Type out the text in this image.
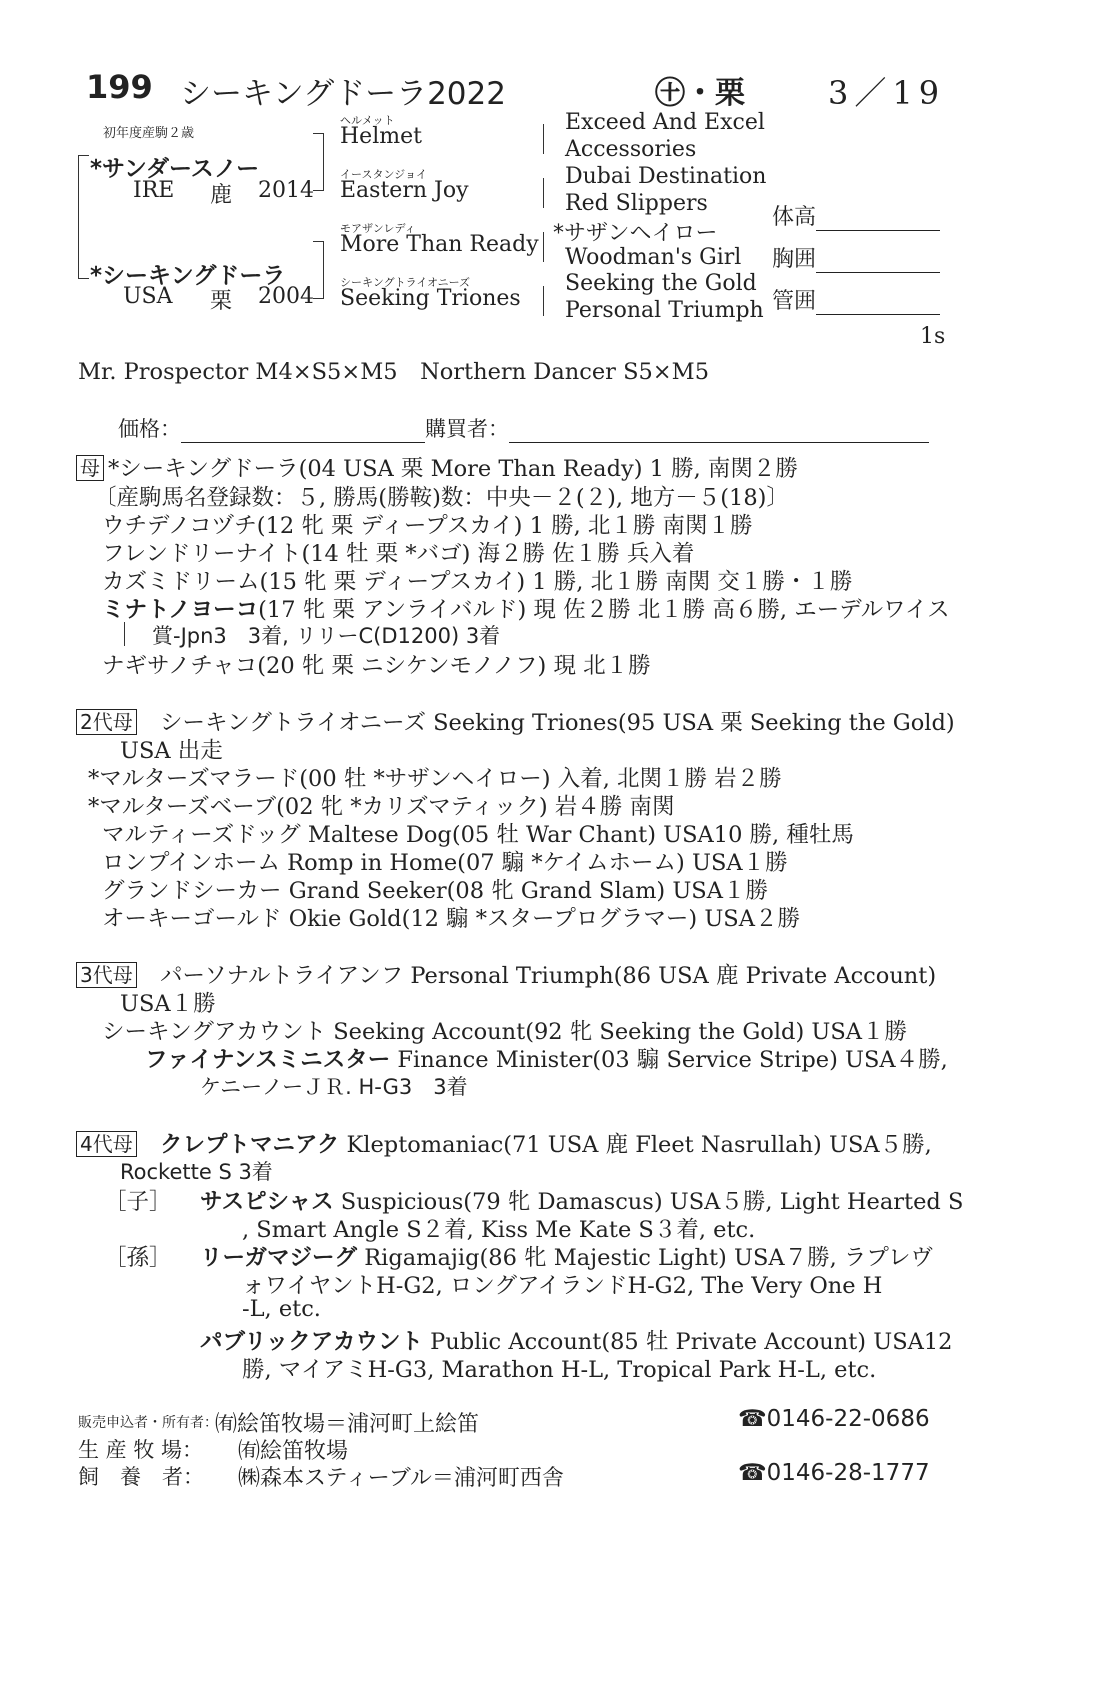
199 シーキングドーラ2022	㊉・栗	3／19
初年度産駒２歳
*サンダースノー
IRE 鹿 2014
*シーキングドーラ
USA 栗 2004
ヘルメット
Helmet
イースタンジョイ
Eastern Joy
モアザンレディ
More Than Ready
シーキングトライオニーズ
Seeking Triones
Exceed And Excel
Accessories
Dubai Destination
Red Slippers
*サザンヘイロー
Woodman's Girl
Seeking the Gold
Personal Triumph
体高
胸囲
管囲
1s
Mr. Prospector M4×S5×M5　Northern Dancer S5×M5
価格：	購買者：
母 *シーキングドーラ(04 USA 栗 More Than Ready) 1 勝, 南関２勝
〔産駒馬名登録数：５, 勝馬(勝鞍)数：中央－２(２), 地方－５(18)〕
ウチデノコヅチ(12 牝 栗 ディープスカイ) 1 勝, 北１勝 南関１勝
フレンドリーナイト(14 牡 栗 *バゴ) 海２勝 佐１勝 兵入着
カズミドリーム(15 牝 栗 ディープスカイ) 1 勝, 北１勝 南関 交１勝・１勝
ミナトノヨーコ(17 牝 栗 アンライバルド) 現 佐２勝 北１勝 高６勝, エーデルワイス
賞-Jpn3　3着, リリーC(D1200) 3着
ナギサノチャコ(20 牝 栗 ニシケンモノノフ) 現 北１勝
2代母 シーキングトライオニーズ Seeking Triones(95 USA 栗 Seeking the Gold)
USA 出走
*マルターズマラード(00 牡 *サザンヘイロー) 入着, 北関１勝 岩２勝
*マルターズベーブ(02 牝 *カリズマティック) 岩４勝 南関
マルティーズドッグ Maltese Dog(05 牡 War Chant) USA10 勝, 種牡馬
ロンプインホーム Romp in Home(07 騸 *ケイムホーム) USA１勝
グランドシーカー Grand Seeker(08 牝 Grand Slam) USA１勝
オーキーゴールド Okie Gold(12 騸 *スタープログラマー) USA２勝
3代母 パーソナルトライアンフ Personal Triumph(86 USA 鹿 Private Account)
USA１勝
シーキングアカウント Seeking Account(92 牝 Seeking the Gold) USA１勝
ファイナンスミニスター Finance Minister(03 騸 Service Stripe) USA４勝,
ケニーノーＪＲ. H-G3　3着
4代母 クレプトマニアク Kleptomaniac(71 USA 鹿 Fleet Nasrullah) USA５勝,
Rockette S 3着
［子］ サスピシャス Suspicious(79 牝 Damascus) USA５勝, Light Hearted S
, Smart Angle S２着, Kiss Me Kate S３着, etc.
［孫］ リーガマジーグ Rigamajig(86 牝 Majestic Light) USA７勝, ラプレヴ
ォワイヤントH-G2, ロングアイランドH-G2, The Very One H
-L, etc.
パブリックアカウント Public Account(85 牡 Private Account) USA12
勝, マイアミH-G3, Marathon H-L, Tropical Park H-L, etc.
販売申込者・所有者：
㈲絵笛牧場＝浦河町上絵笛	☎0146-22-0686
生 産 牧 場： ㈲絵笛牧場
飼　養　者： ㈱森本スティーブル＝浦河町西舎	☎0146-28-1777
